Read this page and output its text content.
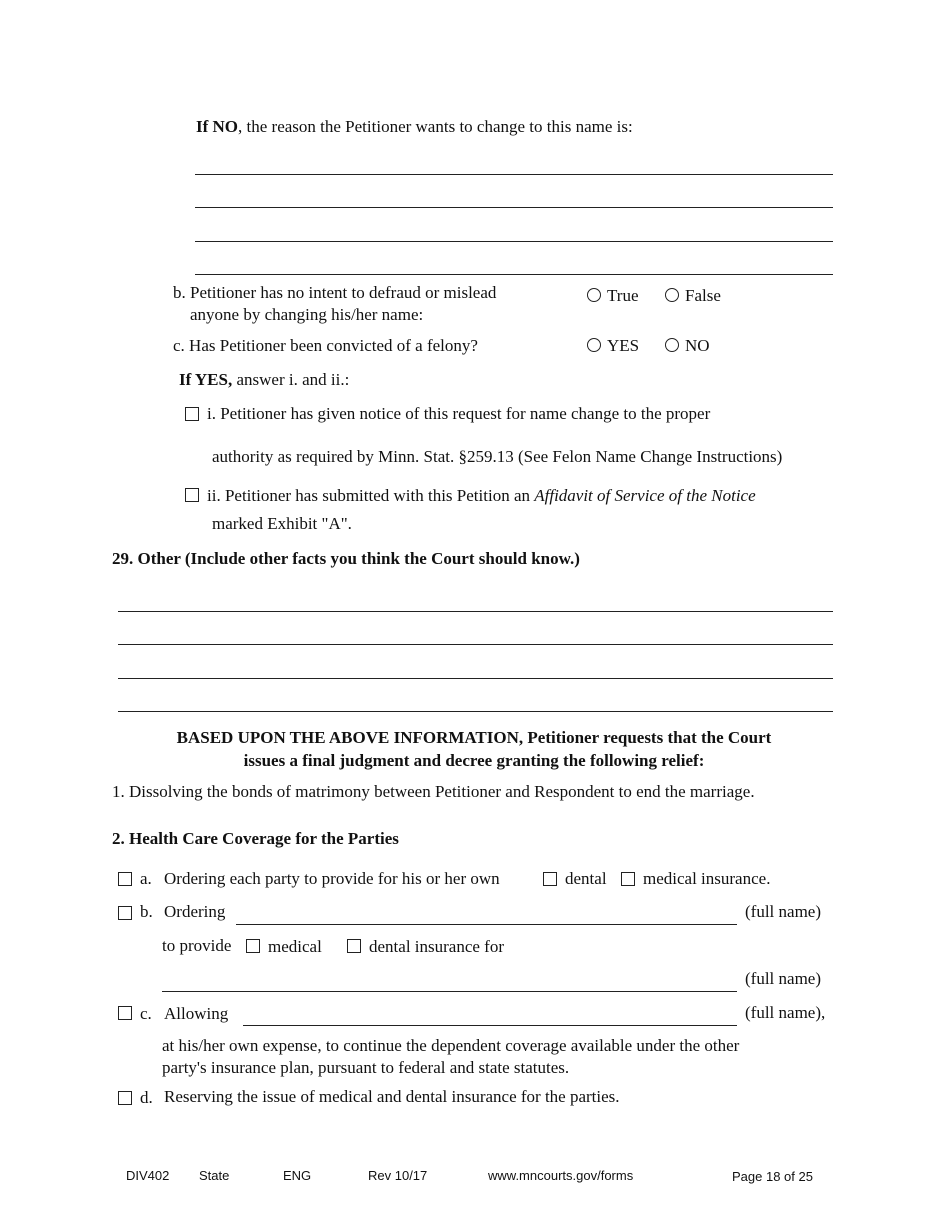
If NO, the reason the Petitioner wants to change to this name is:
b. Petitioner has no intent to defraud or mislead
anyone by changing his/her name:
True	False
c. Has Petitioner been convicted of a felony?	YES	NO
If YES, answer i. and ii.:
i. Petitioner has given notice of this request for name change to the proper
authority as required by Minn. Stat. §259.13 (See Felon Name Change Instructions)
ii. Petitioner has submitted with this Petition an Affidavit of Service of the Notice
marked Exhibit "A".
29. Other (Include other facts you think the Court should know.)
BASED UPON THE ABOVE INFORMATION, Petitioner requests that the Court
issues a final judgment and decree granting the following relief:
1. Dissolving the bonds of matrimony between Petitioner and Respondent to end the marriage.
2. Health Care Coverage for the Parties
a. Ordering each party to provide for his or her own	dental medical insurance.
b. Ordering	(full name)
to provide medical	dental insurance for
(full name)
c. Allowing	(full name),
at his/her own expense, to continue the dependent coverage available under the other
party's insurance plan, pursuant to federal and state statutes.
d. Reserving the issue of medical and dental insurance for the parties.
DIV402 State	ENG	Rev 10/17	www.mncourts.gov/forms	Page 18 of 25
